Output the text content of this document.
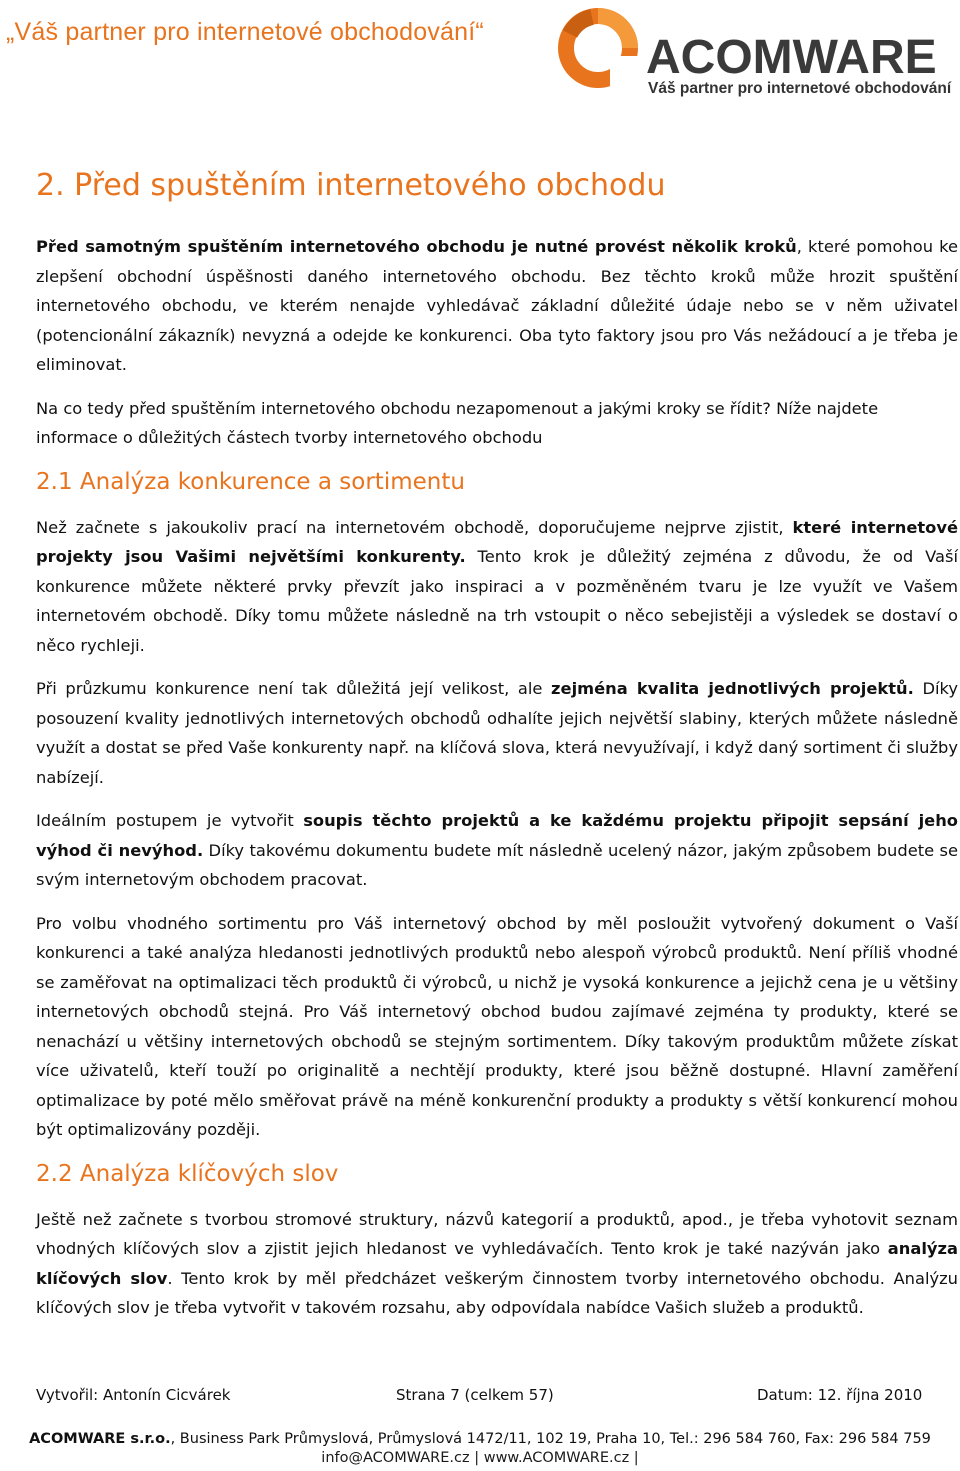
„Váš partner pro internetové obchodování“	ACOMWARE
Váš partner pro internetové obchodování
2. Před spuštěním internetového obchodu

Před samotným spuštěním internetového obchodu je nutné provést několik kroků, které pomohou ke zlepšení obchodní úspěšnosti daného internetového obchodu. Bez těchto kroků může hrozit spuštění internetového obchodu, ve kterém nenajde vyhledávač základní důležité údaje nebo se v něm uživatel (potencionální zákazník) nevyzná a odejde ke konkurenci. Oba tyto faktory jsou pro Vás nežádoucí a je třeba je eliminovat.

Na co tedy před spuštěním internetového obchodu nezapomenout a jakými kroky se řídit? Níže najdete informace o důležitých částech tvorby internetového obchodu

2.1 Analýza konkurence a sortimentu

Než začnete s jakoukoliv prací na internetovém obchodě, doporučujeme nejprve zjistit, které internetové projekty jsou Vašimi největšími konkurenty. Tento krok je důležitý zejména z důvodu, že od Vaší konkurence můžete některé prvky převzít jako inspiraci a v pozměněném tvaru je lze využít ve Vašem internetovém obchodě. Díky tomu můžete následně na trh vstoupit o něco sebejistěji a výsledek se dostaví o něco rychleji.

Při průzkumu konkurence není tak důležitá její velikost, ale zejména kvalita jednotlivých projektů. Díky posouzení kvality jednotlivých internetových obchodů odhalíte jejich největší slabiny, kterých můžete následně využít a dostat se před Vaše konkurenty např. na klíčová slova, která nevyužívají, i když daný sortiment či služby nabízejí.

Ideálním postupem je vytvořit soupis těchto projektů a ke každému projektu připojit sepsání jeho výhod či nevýhod. Díky takovému dokumentu budete mít následně ucelený názor, jakým způsobem budete se svým internetovým obchodem pracovat.

Pro volbu vhodného sortimentu pro Váš internetový obchod by měl posloužit vytvořený dokument o Vaší konkurenci a také analýza hledanosti jednotlivých produktů nebo alespoň výrobců produktů. Není příliš vhodné se zaměřovat na optimalizaci těch produktů či výrobců, u nichž je vysoká konkurence a jejichž cena je u většiny internetových obchodů stejná. Pro Váš internetový obchod budou zajímavé zejména ty produkty, které se nenachází u většiny internetových obchodů se stejným sortimentem. Díky takovým produktům můžete získat více uživatelů, kteří touží po originalitě a nechtějí produkty, které jsou běžně dostupné. Hlavní zaměření optimalizace by poté mělo směřovat právě na méně konkurenční produkty a produkty s větší konkurencí mohou být optimalizovány později.

2.2 Analýza klíčových slov

Ještě než začnete s tvorbou stromové struktury, názvů kategorií a produktů, apod., je třeba vyhotovit seznam vhodných klíčových slov a zjistit jejich hledanost ve vyhledávačích. Tento krok je také nazýván jako analýza klíčových slov. Tento krok by měl předcházet veškerým činnostem tvorby internetového obchodu. Analýzu klíčových slov je třeba vytvořit v takovém rozsahu, aby odpovídala nabídce Vašich služeb a produktů.

Vytvořil: Antonín Cicvárek	Strana 7 (celkem 57)	Datum: 12. října 2010
ACOMWARE s.r.o., Business Park Průmyslová, Průmyslová 1472/11, 102 19, Praha 10, Tel.: 296 584 760, Fax: 296 584 759
info@ACOMWARE.cz | www.ACOMWARE.cz |
